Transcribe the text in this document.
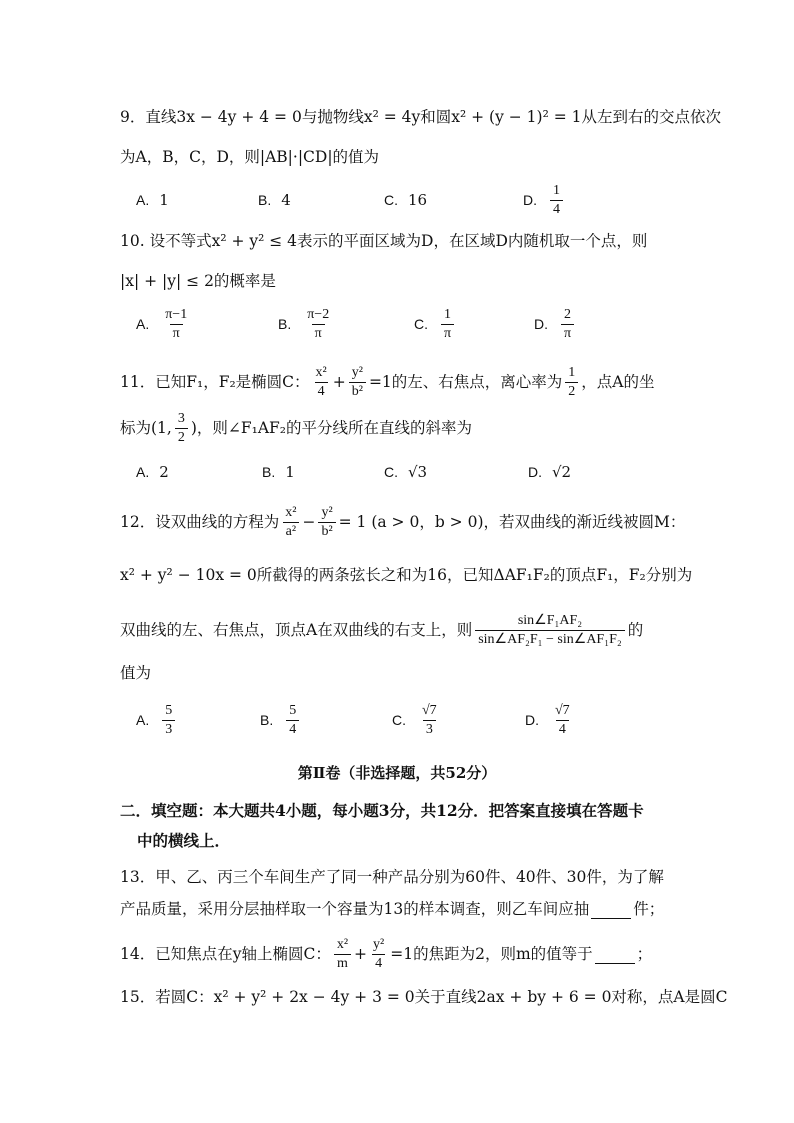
9．直线3x − 4y + 4 = 0与抛物线x² = 4y和圆x² + (y − 1)² = 1从左到右的交点依次
为A，B，C，D，则|AB|·|CD|的值为
A. 1	B. 4	C. 16	D. $\frac{1}{4}$
10. 设不等式x² + y² ≤ 4表示的平面区域为D，在区域D内随机取一个点，则
|x| + |y| ≤ 2的概率是
A. $\frac{\pi-1}{\pi}$	B. $\frac{\pi-2}{\pi}$	C. $\frac{1}{\pi}$	D. $\frac{2}{\pi}$
11．已知F₁，F₂是椭圆C： $\frac{\text{x²}}{4} + \frac{\text{y²}}{\text{b²}} =1$的左、右焦点，离心率为 $\frac{1}{2}$ ，点A的坐
标为(1, $\frac{3}{2}$ )，则∠F₁AF₂的平分线所在直线的斜率为
A. 2	B. 1	C. √3	D. √2
12．设双曲线的方程为 $\frac{\text{x²}}{\text{a²}} - \frac{\text{y²}}{\text{b²}} = 1$ (a > 0，b > 0)，若双曲线的渐近线被圆M：
x² + y² − 10x = 0所截得的两条弦长之和为16，已知ΔAF₁F₂的顶点F₁，F₂分别为
双曲线的左、右焦点，顶点A在双曲线的右支上，则 $\frac{\text{sin∠F₁AF₂}}{\text{sin∠AF₂F₁ − sin∠AF₁F₂}}$ 的
值为
A. $\frac{5}{3}$	B. $\frac{5}{4}$	C. $\frac{√7}{3}$	D. $\frac{√7}{4}$
第Ⅱ卷（非选择题，共52分）
二．填空题：本大题共4小题，每小题3分，共12分．把答案直接填在答题卡
中的横线上．
13．甲、乙、丙三个车间生产了同一种产品分别为60件、40件、30件，为了解
产品质量，采用分层抽样取一个容量为13的样本调查，则乙车间应抽	件；
14．已知焦点在y轴上椭圆C： $\frac{\text{x²}}{m} + \frac{\text{y²}}{4} =1$的焦距为2，则m的值等于	；
15．若圆C：x² + y² + 2x − 4y + 3 = 0关于直线2ax + by + 6 = 0对称，点A是圆C
